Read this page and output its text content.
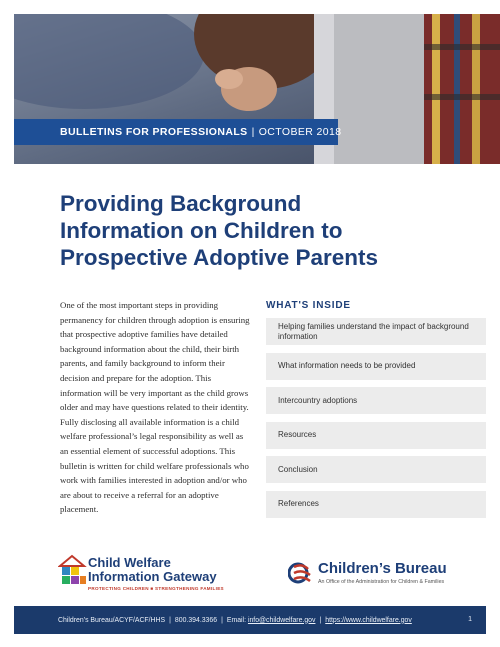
BULLETINS FOR PROFESSIONALS | OCTOBER 2018
Providing Background
Information on Children to
Prospective Adoptive Parents

One of the most important steps in providing permanency for children through adoption is ensuring that prospective adoptive families have detailed background information about the child, their birth parents, and family background to inform their decision and prepare for the adoption. This information will be very important as the child grows older and may have questions related to their identity. Fully disclosing all available information is a child welfare professional’s legal responsibility as well as an essential element of successful adoptions. This bulletin is written for child welfare professionals who work with families interested in adoption and/or who are about to receive a referral for an adoptive placement.

WHAT'S INSIDE
Helping families understand the impact of background information
What information needs to be provided
Intercountry adoptions
Resources
Conclusion
References
Child Welfare
Information Gateway
PROTECTING CHILDREN ■ STRENGTHENING FAMILIES
Children’s Bureau
An Office of the Administration for Children & Families
Children’s Bureau/ACYF/ACF/HHS | 800.394.3366 | Email:
info@childwelfare.gov | https://www.childwelfare.gov	1
